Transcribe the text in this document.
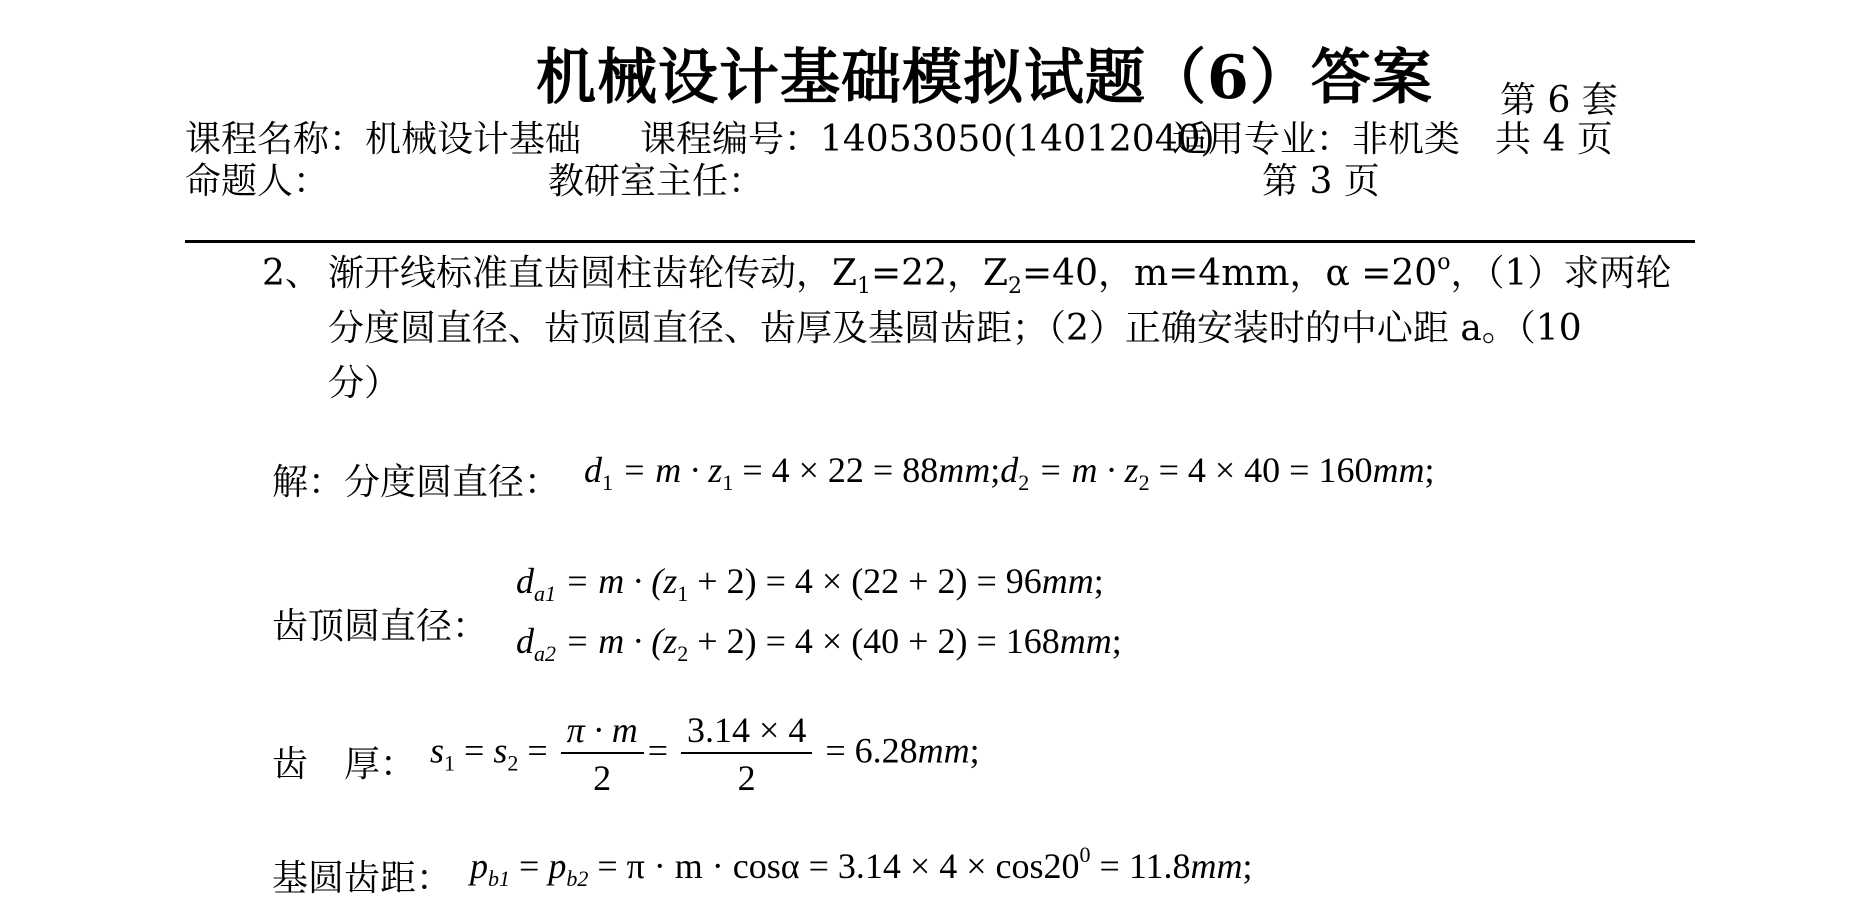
机械设计基础模拟试题（6）答案 第 6 套
课程名称：机械设计基础 课程编号：14053050(14012040)
适用专业：非机类 共 4 页
命题人：	教研室主任：	第 3 页
2、 渐开线标准直齿圆柱齿轮传动，$Z_1=22$，$Z_2=40$，m=4mm，$\alpha =20^o$，（1）求两轮
分度圆直径、齿顶圆直径、齿厚及基圆齿距；（2）正确安装时的中心距 a。（10
分）
解：分度圆直径： $d_1 = m \cdot z_1 = 4 \times 22$ = $88mm;d_2 = m \cdot z_2 = 4 \times 40 = 160mm$;
齿顶圆直径：
$d_{a1} = m \cdot (z_1 + 2) = 4 \times (22 + 2) = 96mm$;
$d_{a2} = m \cdot (z_2 + 2) = 4 \times (40 + 2) = 168mm$;
齿　厚： $s_1 = s_2 = \frac{\pi \cdot m}{2} = \frac{3.14 \times 4}{2} = 6.28mm$;
基圆齿距： $p_{b1} = p_{b2} = \pi \cdot m \cdot \cos\alpha = 3.14 \times 4 \times \cos 20^0 = 11.8mm$;
